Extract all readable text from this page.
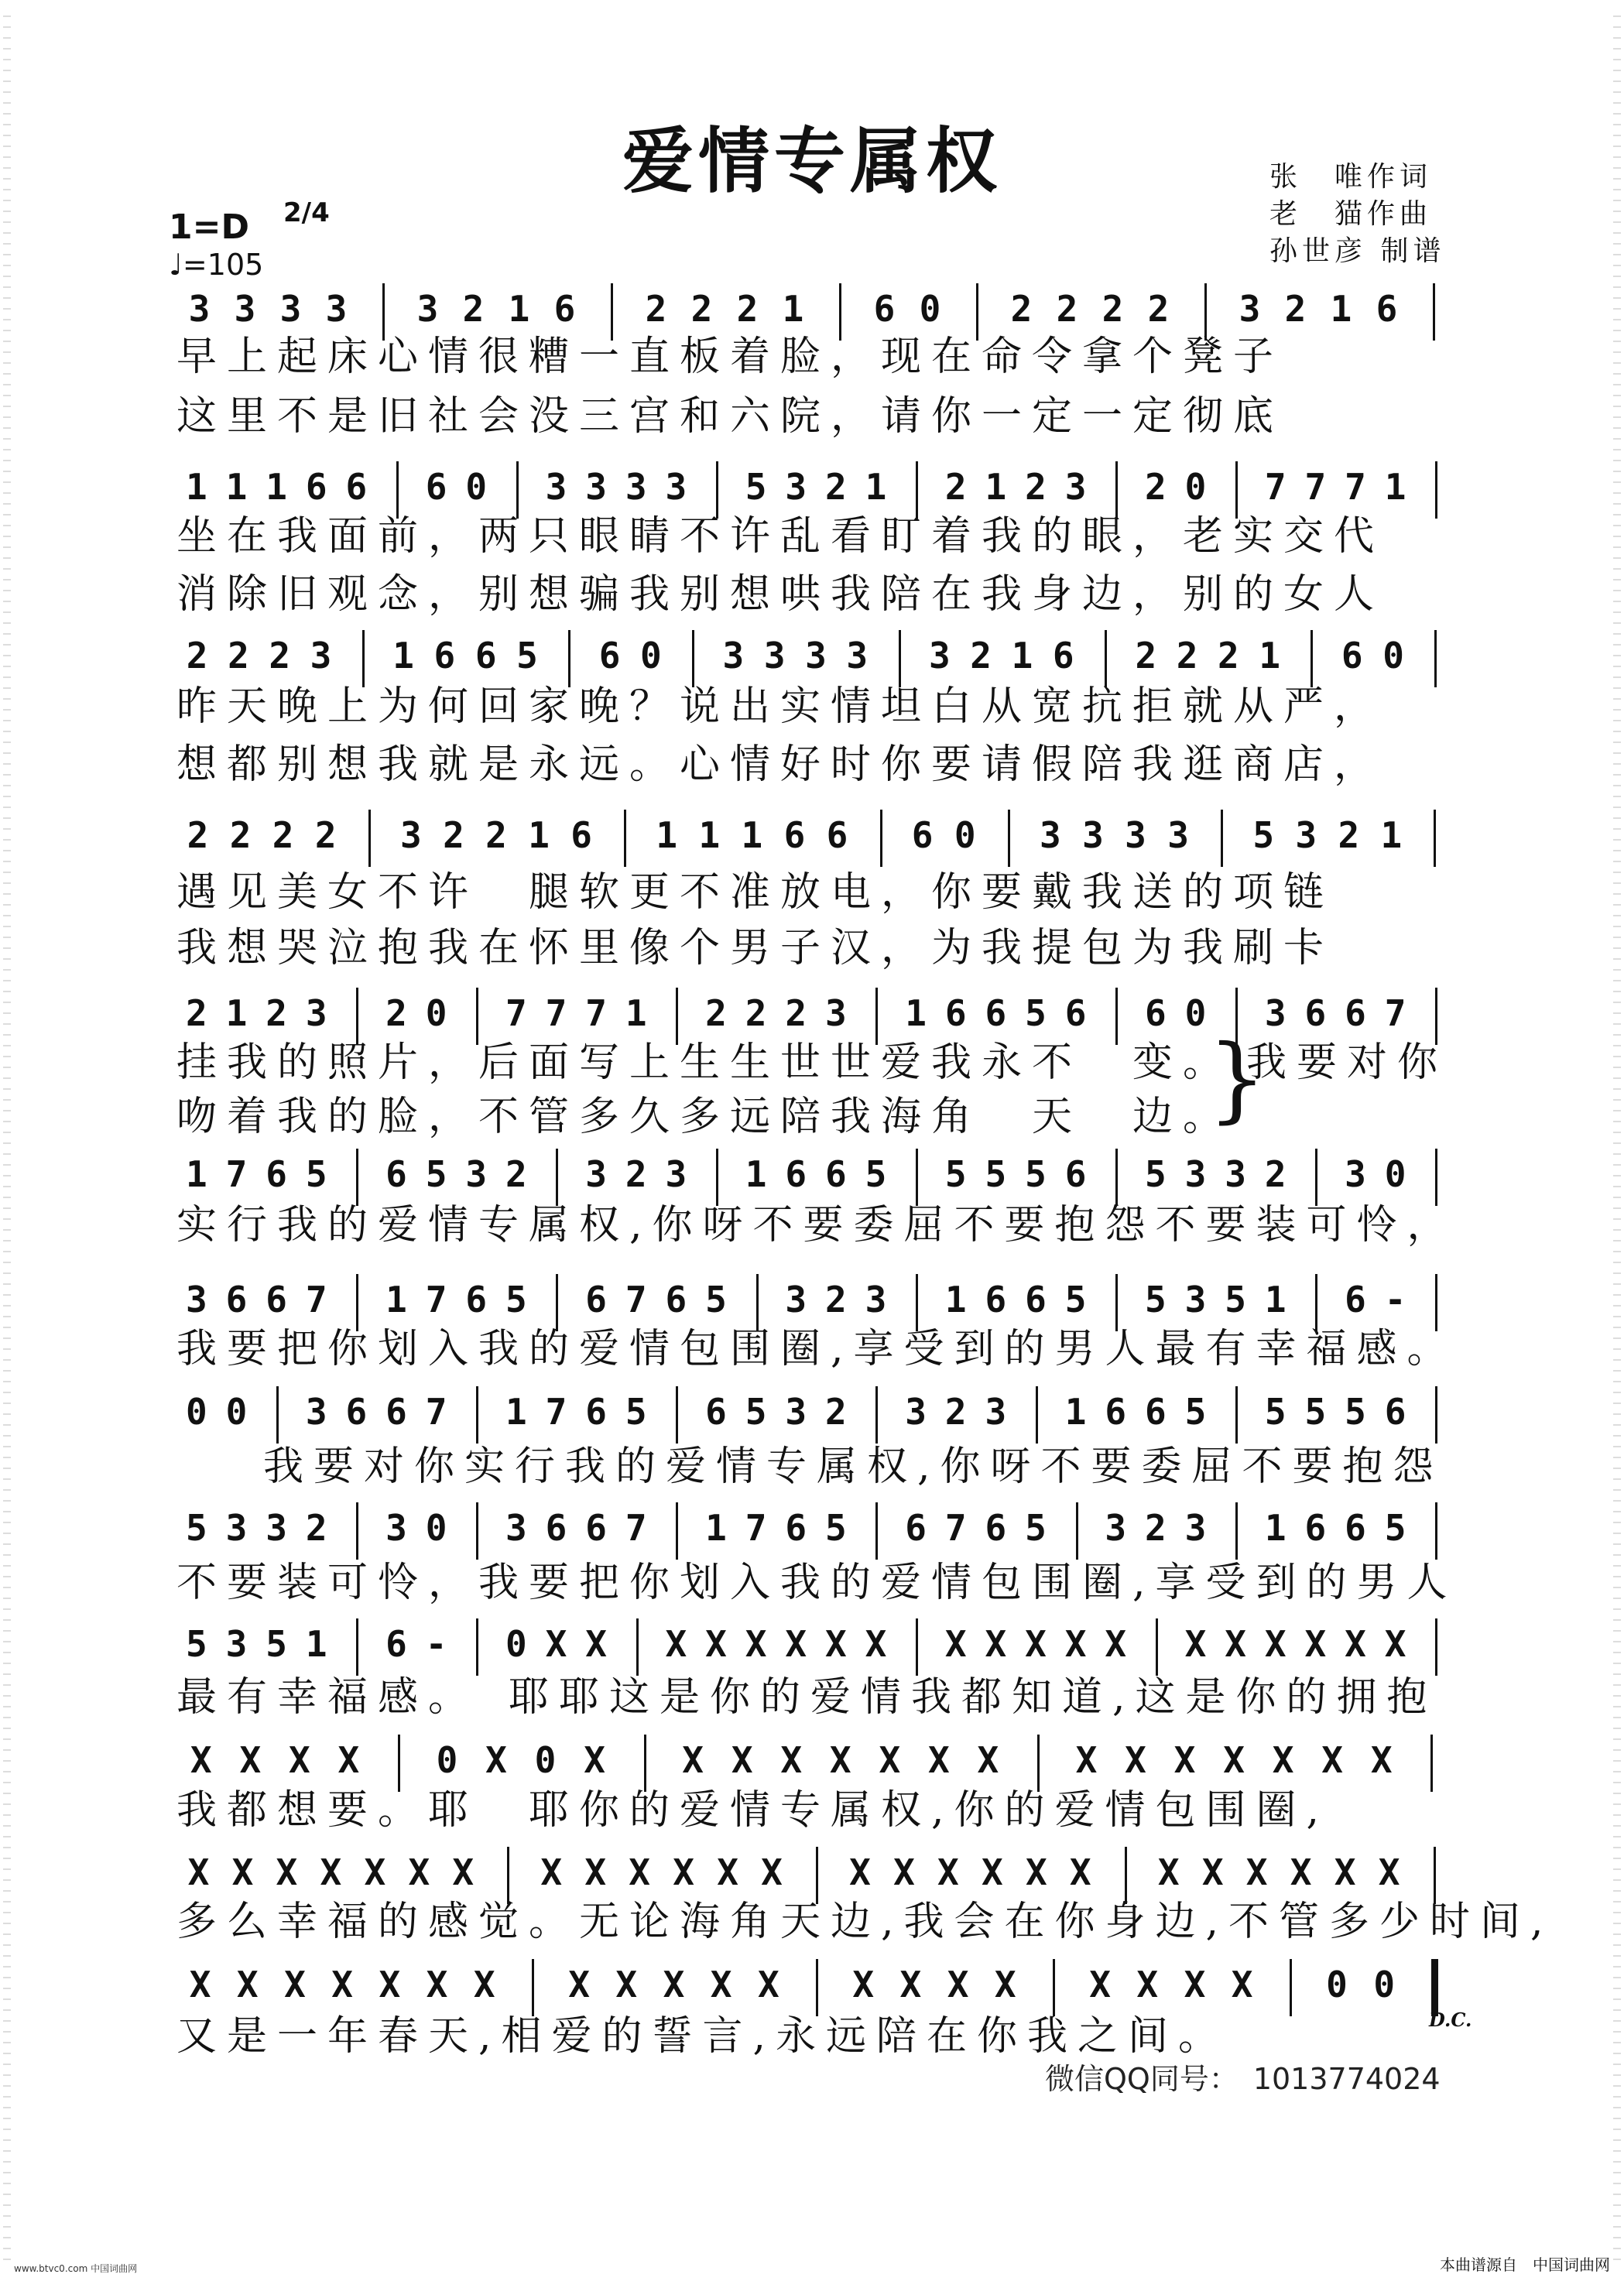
爱情专属权	张　唯作词
老　猫作曲
孙世彦 制谱
1=D 2/4
♩=105
3 3 3 3 3 2 1 6 2 2 2 1 6 0 2 2 2 2 3 2 1 6
1 1 1 6 6 6 0 3 3 3 3 5 3 2 1 2 1 2 3 2 0 7 7 7 1
2 2 2 3 1 6 6 5 6 0 3 3 3 3 3 2 1 6 2 2 2 1 6 0
2 2 2 2 3 2 2 1 6 1 1 1 6 6 6 0 3 3 3 3 5 3 2 1
2 1 2 3 2 0 7 7 7 1 2 2 2 3 1 6 6 5 6 6 0 3 6 6 7
1 7 6 5 6 5 3 2 3 2 3 1 6 6 5 5 5 5 6 5 3 3 2 3 0
3 6 6 7 1 7 6 5 6 7 6 5 3 2 3 1 6 6 5 5 3 5 1 6 -
0 0 3 6 6 7 1 7 6 5 6 5 3 2 3 2 3 1 6 6 5 5 5 5 6
5 3 3 2 3 0 3 6 6 7 1 7 6 5 6 7 6 5 3 2 3 1 6 6 5
5 3 5 1 6 - 0 X X X X X X X X X X X X X X X X X X X
X X X X 0 X 0 X X X X X X X X X X X X X X X
X X X X X X X X X X X X X X X X X X X X X X X X X
X X X X X X X X X X X X X X X X X X X X 0 0
早上起床心情很糟一直板着脸，现在命令拿个凳子
这里不是旧社会没三宫和六院，请你一定一定彻底
坐在我面前，两只眼睛不许乱看盯着我的眼，老实交代
消除旧观念，别想骗我别想哄我陪在我身边，别的女人
昨天晚上为何回家晚？说出实情坦白从宽抗拒就从严，
想都别想我就是永远。心情好时你要请假陪我逛商店，
遇见美女不许　腿软更不准放电，你要戴我送的项链
我想哭泣抱我在怀里像个男子汉，为我提包为我刷卡
挂我的照片，后面写上生生世世爱我永不　变。
吻着我的脸，不管多久多远陪我海角　天　边。
我要对你
实行我的爱情专属权,你呀不要委屈不要抱怨不要装可怜，
我要把你划入我的爱情包围圈,享受到的男人最有幸福感。
我要对你实行我的爱情专属权,你呀不要委屈不要抱怨
不要装可怜，我要把你划入我的爱情包围圈,享受到的男人
最有幸福感。　耶耶这是你的爱情我都知道,这是你的拥抱
我都想要。耶　耶你的爱情专属权,你的爱情包围圈,
多么幸福的感觉。无论海角天边,我会在你身边,不管多少时间,
又是一年春天,相爱的誓言,永远陪在你我之间。
}
D.C.
微信QQ同号：　1013774024
www.btvc0.com 中国词曲网	本曲谱源自　中国词曲网
